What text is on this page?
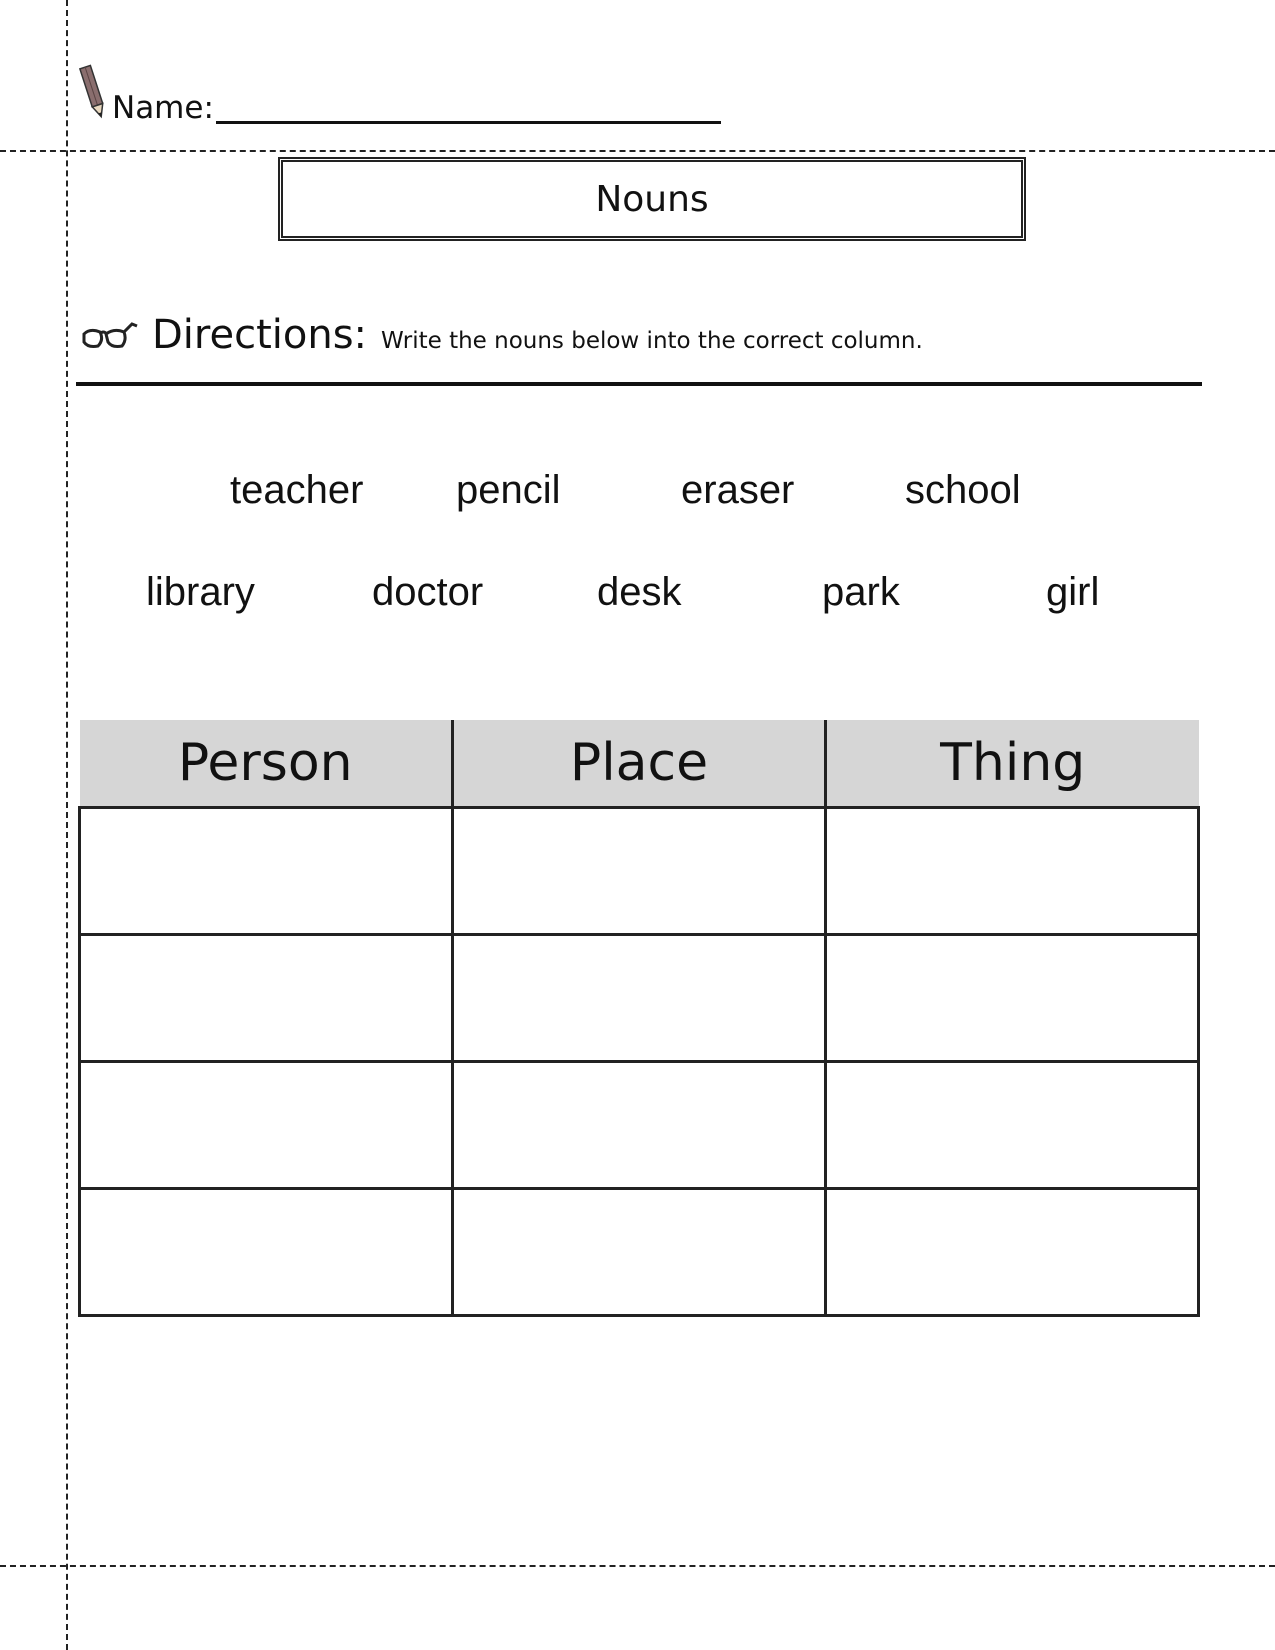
Name:
Nouns
Directions: Write the nouns below into the correct column.
teacher pencil	eraser	school
library	doctor	desk	park	girl
Person	Place	Thing
